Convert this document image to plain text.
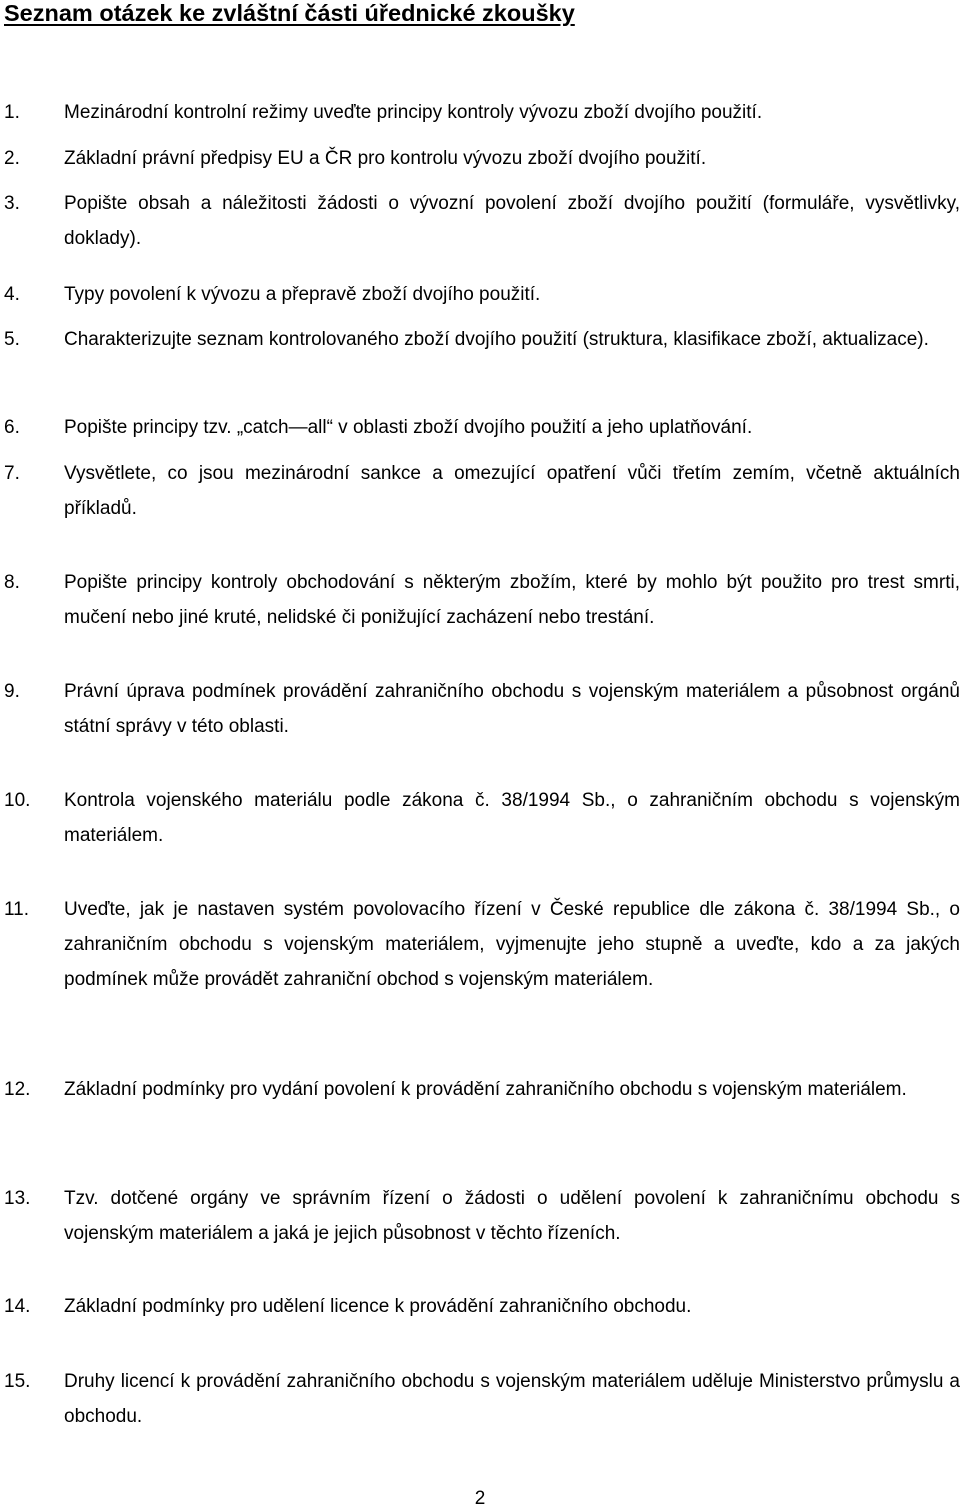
Seznam otázek ke zvláštní části úřednické zkoušky
1. Mezinárodní kontrolní režimy uveďte principy kontroly vývozu zboží dvojího použití.
2. Základní právní předpisy EU a ČR pro kontrolu vývozu zboží dvojího použití.
3. Popište obsah a náležitosti žádosti o vývozní povolení zboží dvojího použití (formuláře, vysvětlivky, doklady).
4. Typy povolení k vývozu a přepravě zboží dvojího použití.
5. Charakterizujte seznam kontrolovaného zboží dvojího použití (struktura, klasifikace zboží, aktualizace).
6. Popište principy tzv. „catch—all“ v oblasti zboží dvojího použití a jeho uplatňování.
7. Vysvětlete, co jsou mezinárodní sankce a omezující opatření vůči třetím zemím, včetně aktuálních příkladů.
8. Popište principy kontroly obchodování s některým zbožím, které by mohlo být použito pro trest smrti, mučení nebo jiné kruté, nelidské či ponižující zacházení nebo trestání.
9. Právní úprava podmínek provádění zahraničního obchodu s vojenským materiálem a působnost orgánů státní správy v této oblasti.
10. Kontrola vojenského materiálu podle zákona č. 38/1994 Sb., o zahraničním obchodu s vojenským materiálem.
11. Uveďte, jak je nastaven systém povolovacího řízení v České republice dle zákona č. 38/1994 Sb., o zahraničním obchodu s vojenským materiálem, vyjmenujte jeho stupně a uveďte, kdo a za jakých podmínek může provádět zahraniční obchod s vojenským materiálem.
12. Základní podmínky pro vydání povolení k provádění zahraničního obchodu s vojenským materiálem.
13. Tzv. dotčené orgány ve správním řízení o žádosti o udělení povolení k zahraničnímu obchodu s vojenským materiálem a jaká je jejich působnost v těchto řízeních.
14. Základní podmínky pro udělení licence k provádění zahraničního obchodu.
15. Druhy licencí k provádění zahraničního obchodu s vojenským materiálem uděluje Ministerstvo průmyslu a obchodu.
2
